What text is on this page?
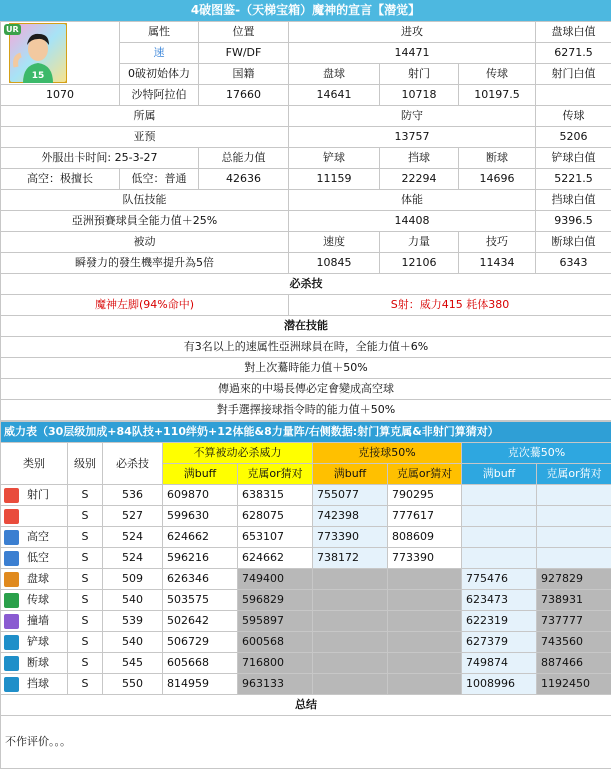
4破图鉴-（天梯宝箱）魔神的宣言【潜觉】
15
UR	属性	位置	进攻			盘球白值
	速	FW/DF	14471			6271.5
	0破初始体力	国籍	盘球	射门	传球	射门白值
1070	沙特阿拉伯	17660	14641	10718	10197.5	
所属			防守			传球
亚预			13757			5206
外服出卡时间: 25-3-27		总能力值	铲球	挡球	断球	铲球白值
高空：极擅长	低空：普通	42636	11159	22294	14696	5221.5
队伍技能			体能			挡球白值
亞洲預賽球員全能力值＋25%			14408			9396.5
被动			速度	力量	技巧	断球白值
瞬發力的發生機率提升為5倍			10845	12106	11434	6343
必杀技						
魔神左脚(94%命中)			S射：威力415 耗体380			
潜在技能						
有3名以上的速属性亞洲球員在時，全能力值＋6%						
對上次驀時能力值＋50%						
傳過來的中場長傳必定會變成高空球						
對手選擇接球指令時的能力值＋50%						
威力表（30层级加成+84队技+110绊奶+12体能&8力量阵/右侧数据:射门算克属&非射门算猜对）								
类别	级别	必杀技	不算被动必杀威力		克接球50%		克次驀50%	
			满buff	克属or猜对	满buff	克属or猜对	满buff	克属or猜对
射门	S	536	609870	638315	755077	790295		
	S	527	599630	628075	742398	777617		
高空	S	524	624662	653107	773390	808609		
低空	S	524	596216	624662	738172	773390		
盘球	S	509	626346	749400			775476	927829
传球	S	540	503575	596829			623473	738931
撞墙	S	539	502642	595897			622319	737777
铲球	S	540	506729	600568			627379	743560
断球	S	545	605668	716800			749874	887466
挡球	S	550	814959	963133			1008996	1192450
总结								
不作评价。。。								
